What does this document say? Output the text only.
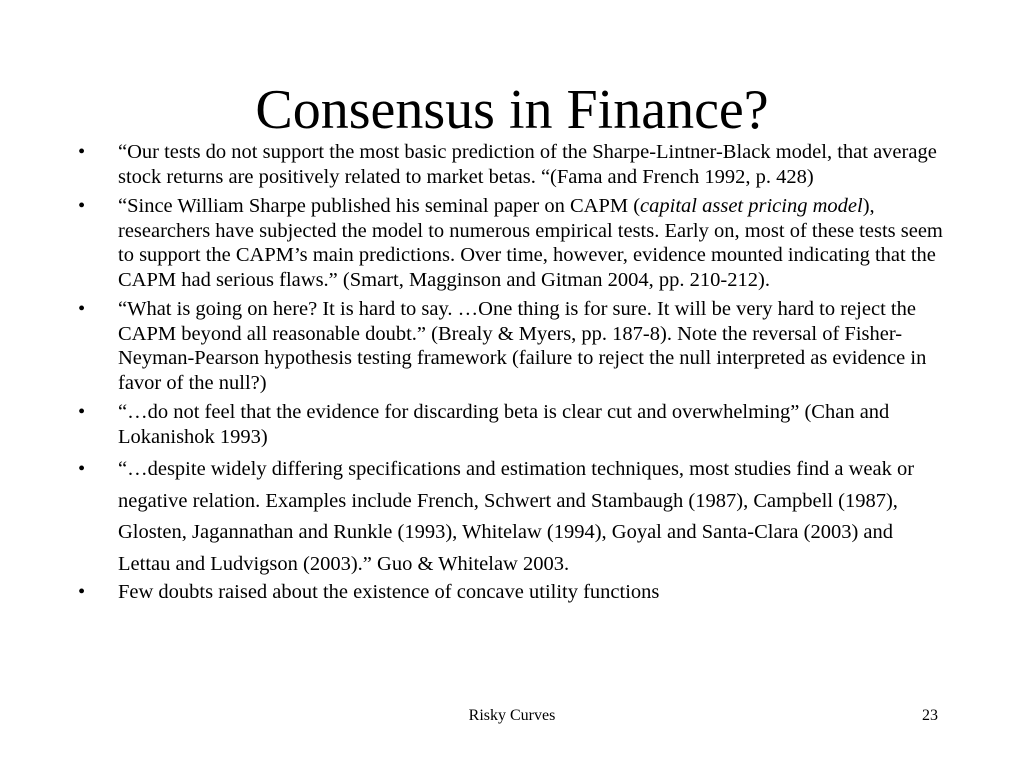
Consensus in Finance?
•	“Our tests do not support the most basic prediction of the Sharpe-Lintner-Black model, that average stock returns are positively related to market betas. “(Fama and French 1992, p. 428)
•	“Since William Sharpe published his seminal paper on CAPM (capital asset pricing model), researchers have subjected the model to numerous empirical tests. Early on, most of these tests seem to support the CAPM’s main predictions. Over time, however, evidence mounted indicating that the CAPM had serious flaws.” (Smart, Magginson and Gitman 2004, pp. 210-212).
•	“What is going on here? It is hard to say. …One thing is for sure. It will be very hard to reject the CAPM beyond all reasonable doubt.” (Brealy & Myers, pp. 187-8). Note the reversal of Fisher-Neyman-Pearson hypothesis testing framework (failure to reject the null interpreted as evidence in favor of the null?)
•	“…do not feel that the evidence for discarding beta is clear cut and overwhelming” (Chan and Lokanishok 1993)
•	“…despite widely differing specifications and estimation techniques, most studies find a weak or negative relation. Examples include French, Schwert and Stambaugh (1987), Campbell (1987), Glosten, Jagannathan and Runkle (1993), Whitelaw (1994), Goyal and Santa-Clara (2003) and Lettau and Ludvigson (2003).” Guo & Whitelaw 2003.
•	Few doubts raised about the existence of concave utility functions
Risky Curves	23
